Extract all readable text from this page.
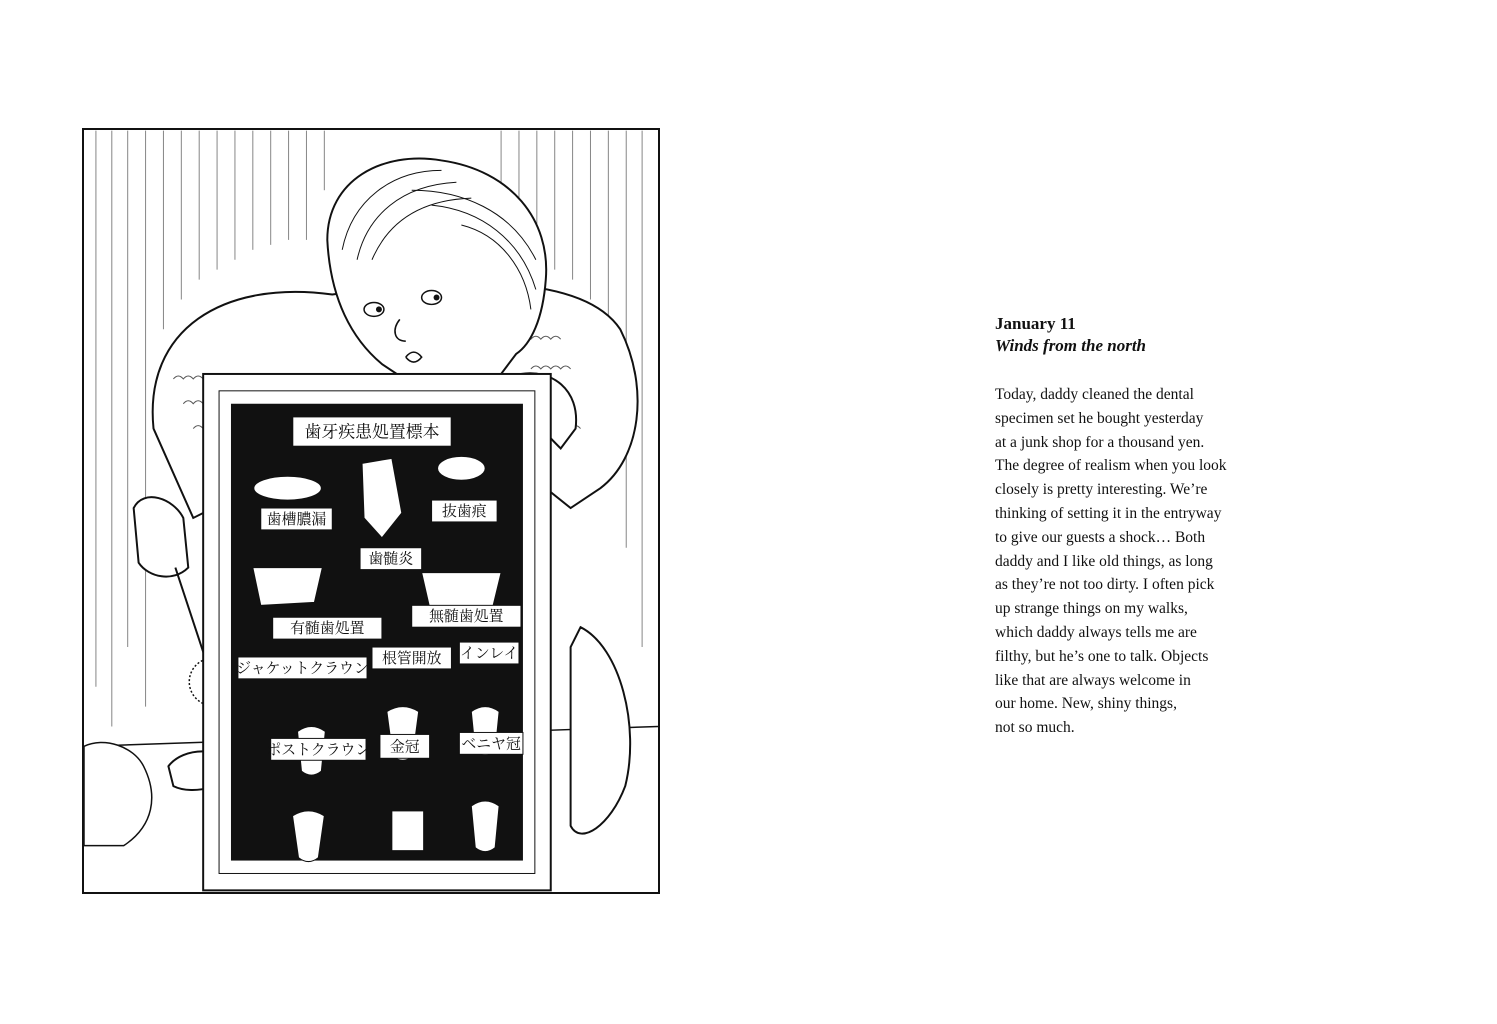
歯牙疾患処置標本
歯槽膿漏	抜歯痕
歯髄炎
有髄歯処置
無髄歯処置
ジャケットクラウン
根管開放 インレイ
ポストクラウン 金冠	ベニヤ冠

January 11

Winds from the north

Today, daddy cleaned the dental
specimen set he bought yesterday
at a junk shop for a thousand yen.
The degree of realism when you look
closely is pretty interesting. We’re
thinking of setting it in the entryway
to give our guests a shock… Both
daddy and I like old things, as long
as they’re not too dirty. I often pick
up strange things on my walks,
which daddy always tells me are
filthy, but he’s one to talk. Objects
like that are always welcome in
our home. New, shiny things,
not so much.
